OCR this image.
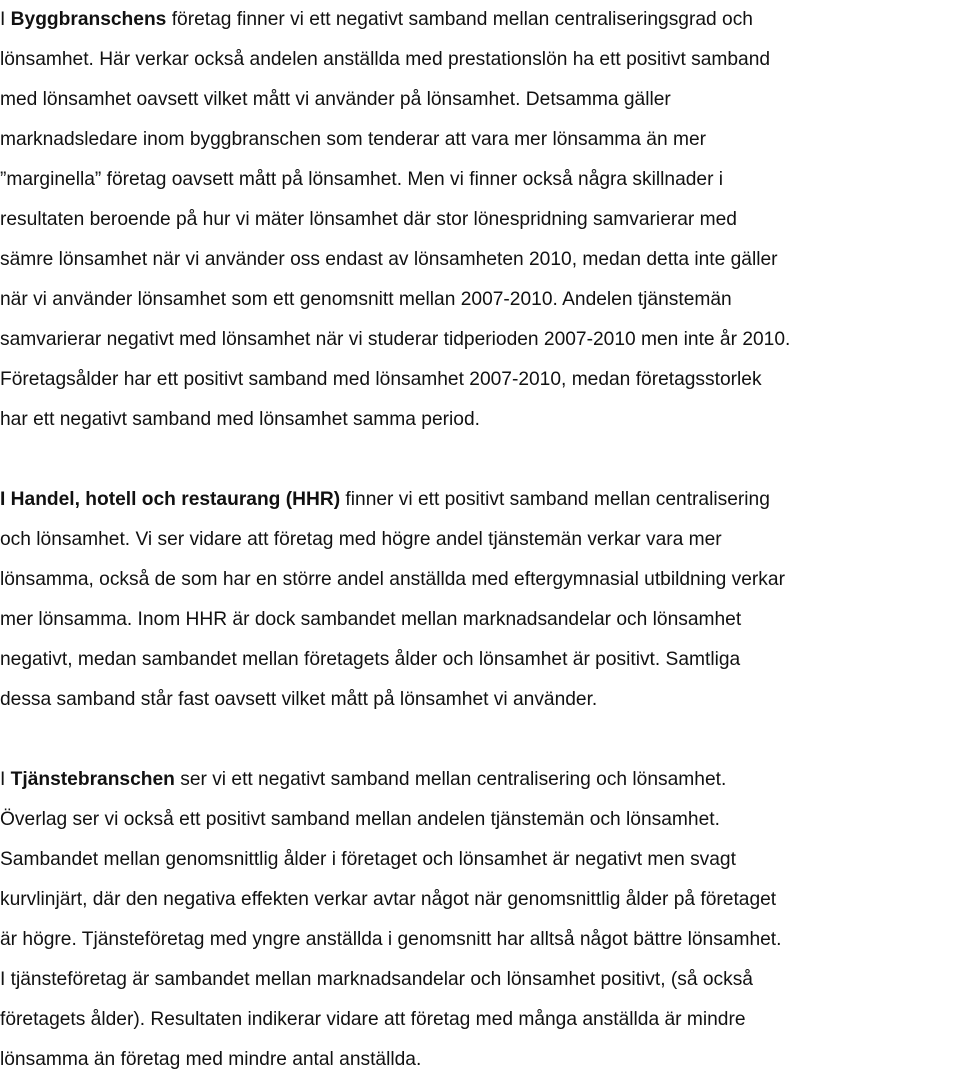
I Byggbranschens företag finner vi ett negativt samband mellan centraliseringsgrad och
lönsamhet. Här verkar också andelen anställda med prestationslön ha ett positivt samband
med lönsamhet oavsett vilket mått vi använder på lönsamhet. Detsamma gäller
marknadsledare inom byggbranschen som tenderar att vara mer lönsamma än mer
”marginella” företag oavsett mått på lönsamhet. Men vi finner också några skillnader i
resultaten beroende på hur vi mäter lönsamhet där stor lönespridning samvarierar med
sämre lönsamhet när vi använder oss endast av lönsamheten 2010, medan detta inte gäller
när vi använder lönsamhet som ett genomsnitt mellan 2007-2010. Andelen tjänstemän
samvarierar negativt med lönsamhet när vi studerar tidperioden 2007-2010 men inte år 2010.
Företagsålder har ett positivt samband med lönsamhet 2007-2010, medan företagsstorlek
har ett negativt samband med lönsamhet samma period.
I Handel, hotell och restaurang (HHR) finner vi ett positivt samband mellan centralisering
och lönsamhet. Vi ser vidare att företag med högre andel tjänstemän verkar vara mer
lönsamma, också de som har en större andel anställda med eftergymnasial utbildning verkar
mer lönsamma. Inom HHR är dock sambandet mellan marknadsandelar och lönsamhet
negativt, medan sambandet mellan företagets ålder och lönsamhet är positivt. Samtliga
dessa samband står fast oavsett vilket mått på lönsamhet vi använder.
I Tjänstebranschen ser vi ett negativt samband mellan centralisering och lönsamhet.
Överlag ser vi också ett positivt samband mellan andelen tjänstemän och lönsamhet.
Sambandet mellan genomsnittlig ålder i företaget och lönsamhet är negativt men svagt
kurvlinjärt, där den negativa effekten verkar avtar något när genomsnittlig ålder på företaget
är högre. Tjänsteföretag med yngre anställda i genomsnitt har alltså något bättre lönsamhet.
I tjänsteföretag är sambandet mellan marknadsandelar och lönsamhet positivt, (så också
företagets ålder). Resultaten indikerar vidare att företag med många anställda är mindre
lönsamma än företag med mindre antal anställda.
